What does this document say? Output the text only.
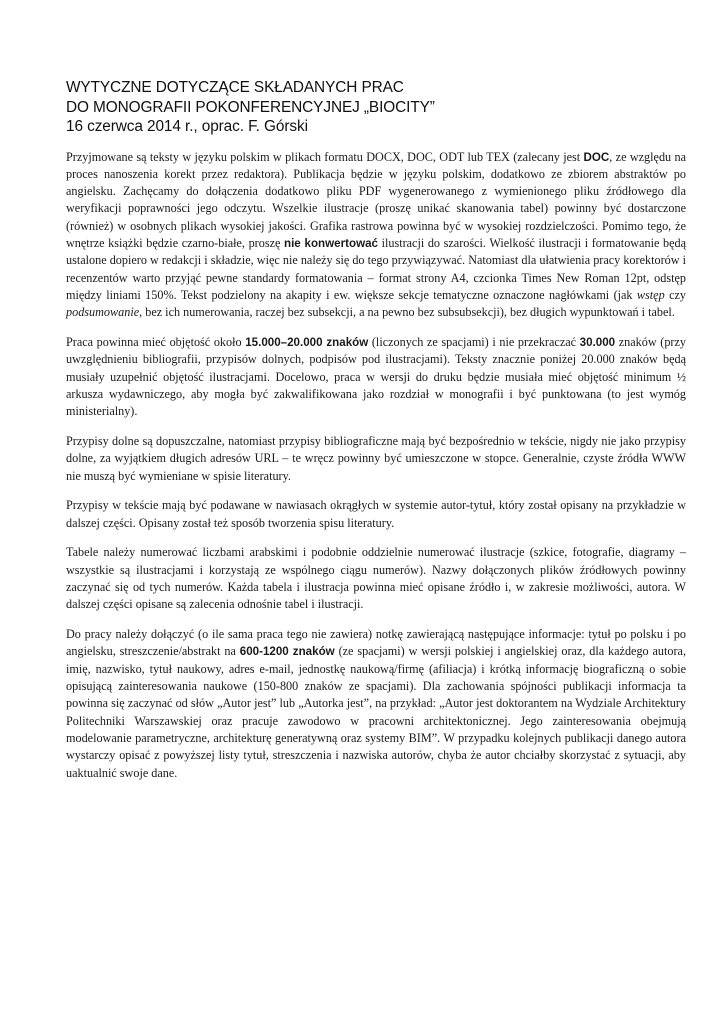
WYTYCZNE DOTYCZĄCE SKŁADANYCH PRAC
DO MONOGRAFII POKONFERENCYJNEJ „BIOCITY”
16 czerwca 2014 r., oprac. F. Górski

Przyjmowane są teksty w języku polskim w plikach formatu DOCX, DOC, ODT lub TEX (zalecany jest DOC, ze względu na proces nanoszenia korekt przez redaktora). Publikacja będzie w języku polskim, dodatkowo ze zbiorem abstraktów po angielsku. Zachęcamy do dołączenia dodatkowo pliku PDF wygenerowanego z wymienionego pliku źródłowego dla weryfikacji poprawności jego odczytu. Wszelkie ilustracje (proszę unikać skanowania tabel) powinny być dostarczone (również) w osobnych plikach wysokiej jakości. Grafika rastrowa powinna być w wysokiej rozdzielczości. Pomimo tego, że wnętrze książki będzie czarno-białe, proszę nie konwertować ilustracji do szarości. Wielkość ilustracji i formatowanie będą ustalone dopiero w redakcji i składzie, więc nie należy się do tego przywiązywać. Natomiast dla ułatwienia pracy korektorów i recenzentów warto przyjąć pewne standardy formatowania – format strony A4, czcionka Times New Roman 12pt, odstęp między liniami 150%. Tekst podzielony na akapity i ew. większe sekcje tematyczne oznaczone nagłówkami (jak wstęp czy podsumowanie, bez ich numerowania, raczej bez subsekcji, a na pewno bez subsubsekcji), bez długich wypunktowań i tabel.

Praca powinna mieć objętość około 15.000–20.000 znaków (liczonych ze spacjami) i nie przekraczać 30.000 znaków (przy uwzględnieniu bibliografii, przypisów dolnych, podpisów pod ilustracjami). Teksty znacznie poniżej 20.000 znaków będą musiały uzupełnić objętość ilustracjami. Docelowo, praca w wersji do druku będzie musiała mieć objętość minimum ½ arkusza wydawniczego, aby mogła być zakwalifikowana jako rozdział w monografii i być punktowana (to jest wymóg ministerialny).

Przypisy dolne są dopuszczalne, natomiast przypisy bibliograficzne mają być bezpośrednio w tekście, nigdy nie jako przypisy dolne, za wyjątkiem długich adresów URL – te wręcz powinny być umieszczone w stopce. Generalnie, czyste źródła WWW nie muszą być wymieniane w spisie literatury.

Przypisy w tekście mają być podawane w nawiasach okrągłych w systemie autor-tytuł, który został opisany na przykładzie w dalszej części. Opisany został też sposób tworzenia spisu literatury.

Tabele należy numerować liczbami arabskimi i podobnie oddzielnie numerować ilustracje (szkice, fotografie, diagramy – wszystkie są ilustracjami i korzystają ze wspólnego ciągu numerów). Nazwy dołączonych plików źródłowych powinny zaczynać się od tych numerów. Każda tabela i ilustracja powinna mieć opisane źródło i, w zakresie możliwości, autora. W dalszej części opisane są zalecenia odnośnie tabel i ilustracji.

Do pracy należy dołączyć (o ile sama praca tego nie zawiera) notkę zawierającą następujące informacje: tytuł po polsku i po angielsku, streszczenie/abstrakt na 600-1200 znaków (ze spacjami) w wersji polskiej i angielskiej oraz, dla każdego autora, imię, nazwisko, tytuł naukowy, adres e-mail, jednostkę naukową/firmę (afiliacja) i krótką informację biograficzną o sobie opisującą zainteresowania naukowe (150-800 znaków ze spacjami). Dla zachowania spójności publikacji informacja ta powinna się zaczynać od słów „Autor jest” lub „Autorka jest”, na przykład: „Autor jest doktorantem na Wydziale Architektury Politechniki Warszawskiej oraz pracuje zawodowo w pracowni architektonicznej. Jego zainteresowania obejmują modelowanie parametryczne, architekturę generatywną oraz systemy BIM”. W przypadku kolejnych publikacji danego autora wystarczy opisać z powyższej listy tytuł, streszczenia i nazwiska autorów, chyba że autor chciałby skorzystać z sytuacji, aby uaktualnić swoje dane.
